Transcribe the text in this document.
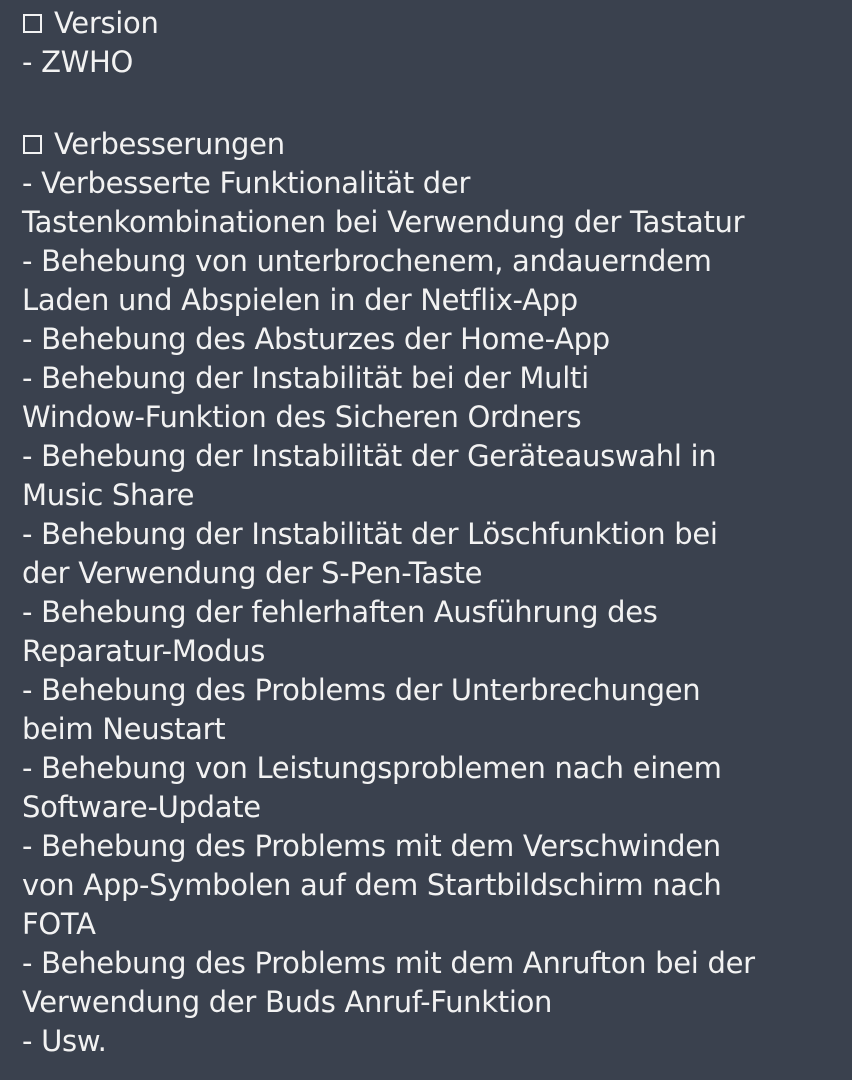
Version
- ZWHO
Verbesserungen
- Verbesserte Funktionalität der
Tastenkombinationen bei Verwendung der Tastatur
- Behebung von unterbrochenem, andauerndem
Laden und Abspielen in der Netflix-App
- Behebung des Absturzes der Home-App
- Behebung der Instabilität bei der Multi
Window-Funktion des Sicheren Ordners
- Behebung der Instabilität der Geräteauswahl in
Music Share
- Behebung der Instabilität der Löschfunktion bei
der Verwendung der S-Pen-Taste
- Behebung der fehlerhaften Ausführung des
Reparatur-Modus
- Behebung des Problems der Unterbrechungen
beim Neustart
- Behebung von Leistungsproblemen nach einem
Software-Update
- Behebung des Problems mit dem Verschwinden
von App-Symbolen auf dem Startbildschirm nach
FOTA
- Behebung des Problems mit dem Anrufton bei der
Verwendung der Buds Anruf-Funktion
- Usw.
